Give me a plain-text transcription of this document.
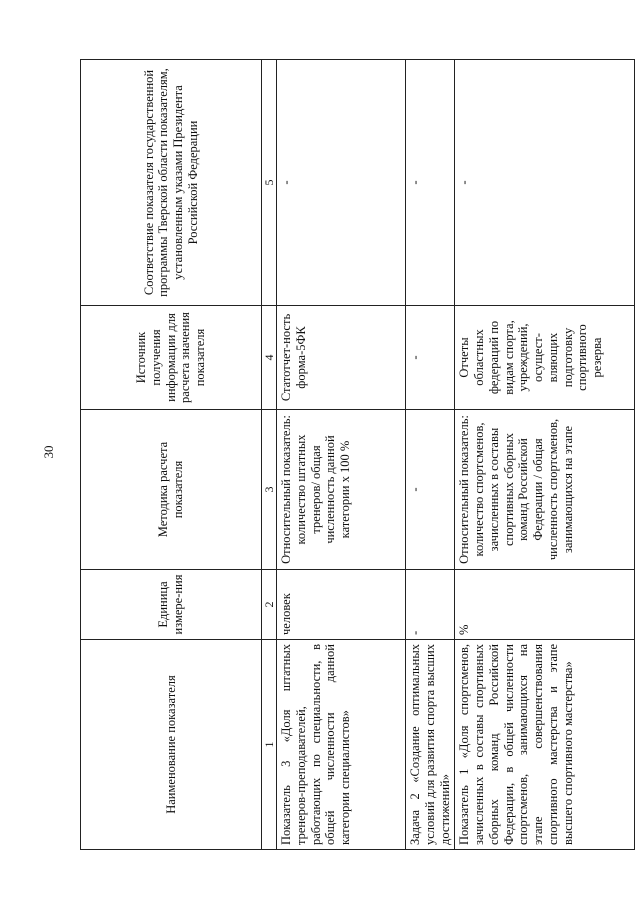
30
Наименование показателя	Единица измере-ния	Методика расчета показателя	Источник получения информации для расчета значения показателя	Соответствие показателя государственной программы Тверской области показателям, установленным указами Президента Российской Федерации
1	2	3	4	5
Показатель 3 «Доля штатных тренеров-преподавателей, работающих по специальности, в общей численности данной категории специалистов»	человек	Относительный показатель: количество штатных тренеров/ общая численность данной категории x 100 %	Статотчет-ность форма-5ФК	-
Задача 2 «Создание оптимальных условий для развития спорта высших достижений»	-	-	-	-
Показатель 1 «Доля спортсменов, зачисленных в составы спортивных сборных команд Российской Федерации, в общей численности спортсменов, занимающихся на этапе совершенствования спортивного мастерства и этапе высшего спортивного мастерства»	%	Относительный показатель: количество спортсменов, зачисленных в составы спортивных сборных команд Российской Федерации / общая численность спортсменов, занимающихся на этапе	Отчеты областных федераций по видам спорта, учреждений, осущест-вляющих подготовку спортивного резерва	-
